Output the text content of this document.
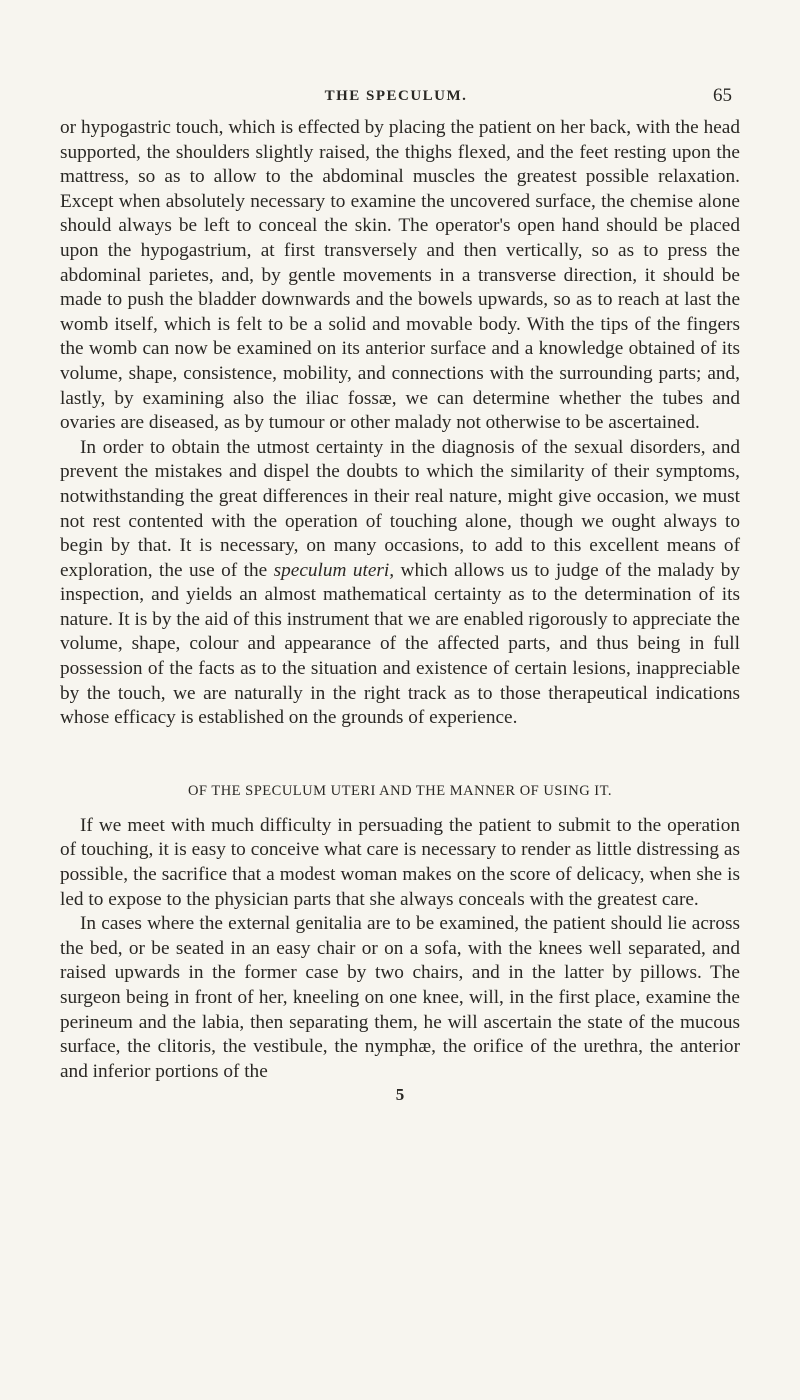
THE SPECULUM.	65

or hypogastric touch, which is effected by placing the patient on her back, with the head supported, the shoulders slightly raised, the thighs flexed, and the feet resting upon the mattress, so as to allow to the abdominal muscles the greatest possible relaxation. Except when absolutely necessary to examine the uncovered surface, the chemise alone should always be left to conceal the skin. The operator's open hand should be placed upon the hypogastrium, at first transversely and then vertically, so as to press the abdominal parietes, and, by gentle movements in a transverse direction, it should be made to push the bladder downwards and the bowels upwards, so as to reach at last the womb itself, which is felt to be a solid and movable body. With the tips of the fingers the womb can now be examined on its anterior surface and a knowledge obtained of its volume, shape, consistence, mobility, and connections with the surrounding parts; and, lastly, by examining also the iliac fossæ, we can determine whether the tubes and ovaries are diseased, as by tumour or other malady not otherwise to be ascertained.

In order to obtain the utmost certainty in the diagnosis of the sexual disorders, and prevent the mistakes and dispel the doubts to which the similarity of their symptoms, notwithstanding the great differences in their real nature, might give occasion, we must not rest contented with the operation of touching alone, though we ought always to begin by that. It is necessary, on many occasions, to add to this excellent means of exploration, the use of the speculum uteri, which allows us to judge of the malady by inspection, and yields an almost mathematical certainty as to the determination of its nature. It is by the aid of this instrument that we are enabled rigorously to appreciate the volume, shape, colour and appearance of the affected parts, and thus being in full possession of the facts as to the situation and existence of certain lesions, inappreciable by the touch, we are naturally in the right track as to those therapeutical indications whose efficacy is established on the grounds of experience.

OF THE SPECULUM UTERI AND THE MANNER OF USING IT.

If we meet with much difficulty in persuading the patient to submit to the operation of touching, it is easy to conceive what care is necessary to render as little distressing as possible, the sacrifice that a modest woman makes on the score of delicacy, when she is led to expose to the physician parts that she always conceals with the greatest care.

In cases where the external genitalia are to be examined, the patient should lie across the bed, or be seated in an easy chair or on a sofa, with the knees well separated, and raised upwards in the former case by two chairs, and in the latter by pillows. The surgeon being in front of her, kneeling on one knee, will, in the first place, examine the perineum and the labia, then separating them, he will ascertain the state of the mucous surface, the clitoris, the vestibule, the nymphæ, the orifice of the urethra, the anterior and inferior portions of the

5
